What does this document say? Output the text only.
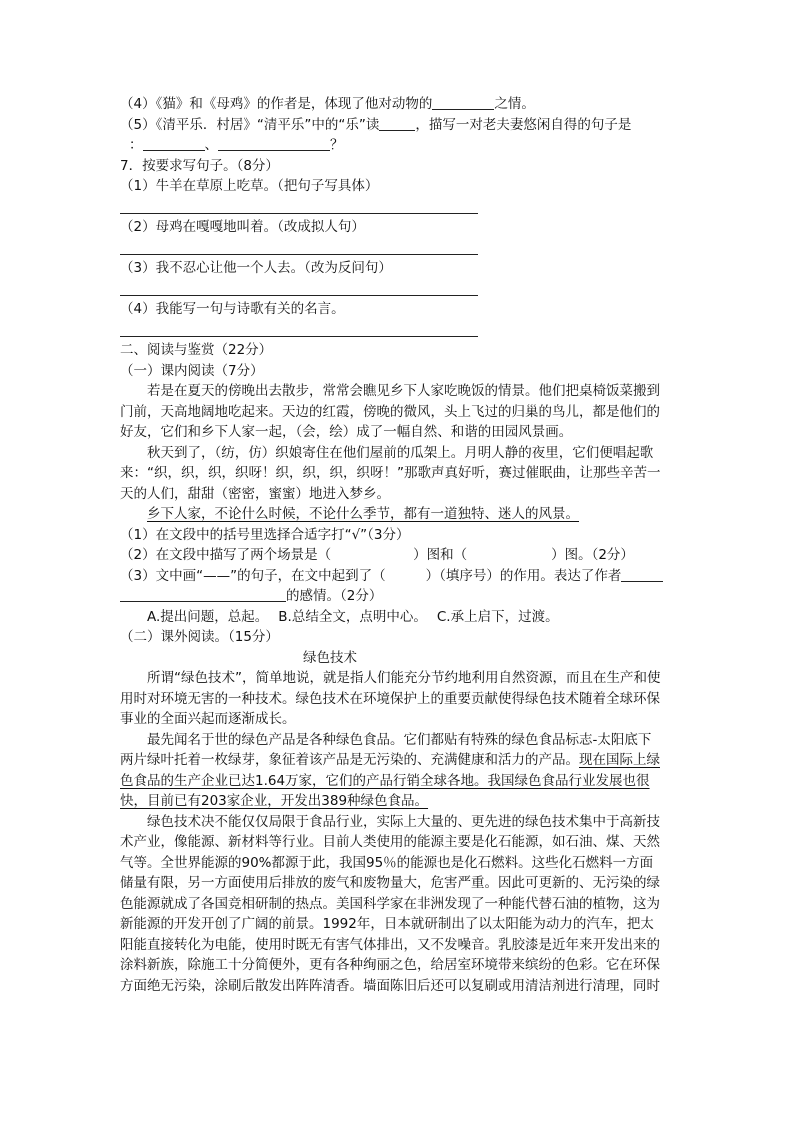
（4）《猫》和《母鸡》的作者是，体现了他对动物的	之情。
（5）《清平乐．村居》“清平乐”中的“乐”读	，描写一对老夫妻悠闲自得的句子是
：	、	？
7．按要求写句子。（8分）
（1）牛羊在草原上吃草。（把句子写具体）
（2）母鸡在嘎嘎地叫着。（改成拟人句）
（3）我不忍心让他一个人去。（改为反问句）
（4）我能写一句与诗歌有关的名言。
二、阅读与鉴赏（22分）
（一）课内阅读（7分）
若是在夏天的傍晚出去散步，常常会瞧见乡下人家吃晚饭的情景。他们把桌椅饭菜搬到
门前，天高地阔地吃起来。天边的红霞，傍晚的微风，头上飞过的归巢的鸟儿，都是他们的
好友，它们和乡下人家一起，（会，绘）成了一幅自然、和谐的田园风景画。
秋天到了，（纺，仿）织娘寄住在他们屋前的瓜架上。月明人静的夜里，它们便唱起歌
来：“织，织，织，织呀！织，织，织，织呀！”那歌声真好听，赛过催眠曲，让那些辛苦一
天的人们，甜甜（密密，蜜蜜）地进入梦乡。
乡下人家，不论什么时候，不论什么季节，都有一道独特、迷人的风景。
（1）在文段中的括号里选择合适字打“√”（3分）
（2）在文段中描写了两个场景是（	）图和（	）图。（2分）
（3）文中画“——”的句子，在文中起到了（	）（填序号）的作用。表达了作者
的感情。（2分）
A.提出问题，总起。 B.总结全文，点明中心。 C.承上启下，过渡。
（二）课外阅读。（15分）
绿色技术
所谓“绿色技术”，简单地说，就是指人们能充分节约地利用自然资源，而且在生产和使
用时对环境无害的一种技术。绿色技术在环境保护上的重要贡献使得绿色技术随着全球环保
事业的全面兴起而逐渐成长。
最先闻名于世的绿色产品是各种绿色食品。它们都贴有特殊的绿色食品标志-太阳底下
两片绿叶托着一枚绿芽，象征着该产品是无污染的、充满健康和活力的产品。现在国际上绿
色食品的生产企业已达1.64万家，它们的产品行销全球各地。我国绿色食品行业发展也很
快，目前已有203家企业，开发出389种绿色食品。
绿色技术决不能仅仅局限于食品行业，实际上大量的、更先进的绿色技术集中于高新技
术产业，像能源、新材料等行业。目前人类使用的能源主要是化石能源，如石油、煤、天然
气等。全世界能源的90%都源于此，我国95％的能源也是化石燃料。这些化石燃料一方面
储量有限，另一方面使用后排放的废气和废物量大，危害严重。因此可更新的、无污染的绿
色能源就成了各国竞相研制的热点。美国科学家在非洲发现了一种能代替石油的植物，这为
新能源的开发开创了广阔的前景。1992年，日本就研制出了以太阳能为动力的汽车，把太
阳能直接转化为电能，使用时既无有害气体排出，又不发噪音。乳胶漆是近年来开发出来的
涂料新族，除施工十分简便外，更有各种绚丽之色，给居室环境带来缤纷的色彩。它在环保
方面绝无污染，涂刷后散发出阵阵清香。墙面陈旧后还可以复刷或用清洁剂进行清理，同时
